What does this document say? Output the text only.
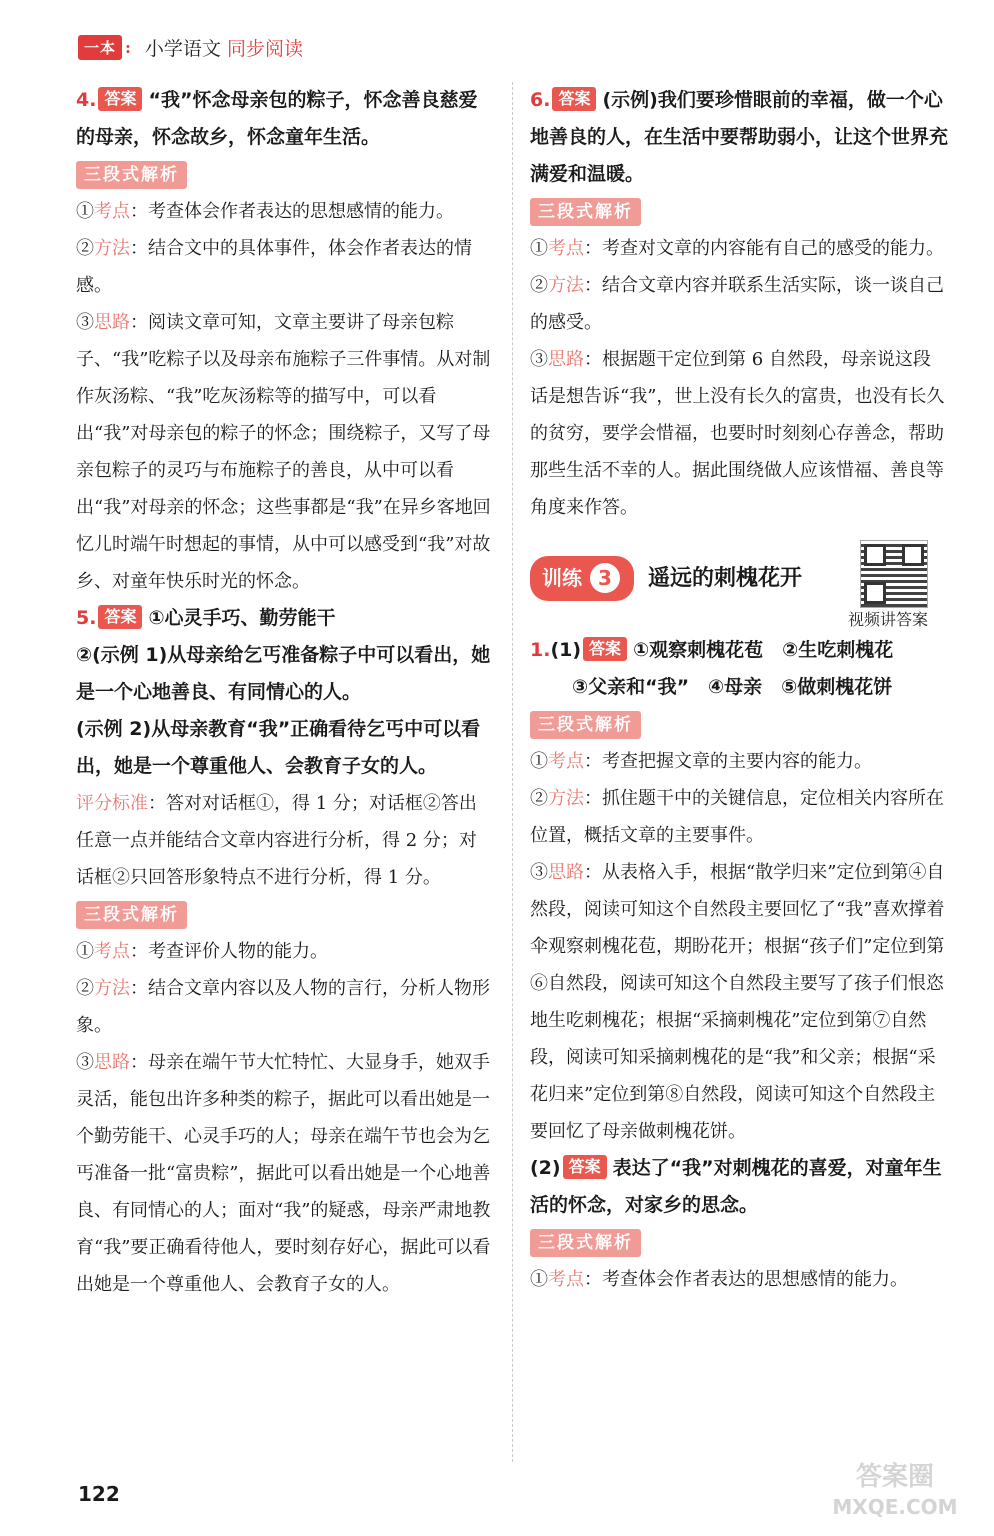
一本 : 小学语文 同步阅读

4. 答案 “我”怀念母亲包的粽子，怀念善良慈爱的母亲，怀念故乡，怀念童年生活。

三段式解析

①考点：考查体会作者表达的思想感情的能力。

②方法：结合文中的具体事件，体会作者表达的情感。

③思路：阅读文章可知，文章主要讲了母亲包粽子、“我”吃粽子以及母亲布施粽子三件事情。从对制作灰汤粽、“我”吃灰汤粽等的描写中，可以看出“我”对母亲包的粽子的怀念；围绕粽子，又写了母亲包粽子的灵巧与布施粽子的善良，从中可以看出“我”对母亲的怀念；这些事都是“我”在异乡客地回忆儿时端午时想起的事情，从中可以感受到“我”对故乡、对童年快乐时光的怀念。

5. 答案 ①心灵手巧、勤劳能干

②(示例 1)从母亲给乞丐准备粽子中可以看出，她是一个心地善良、有同情心的人。

(示例 2)从母亲教育“我”正确看待乞丐中可以看出，她是一个尊重他人、会教育子女的人。

评分标准：答对对话框①，得 1 分；对话框②答出任意一点并能结合文章内容进行分析，得 2 分；对话框②只回答形象特点不进行分析，得 1 分。

三段式解析

①考点：考查评价人物的能力。

②方法：结合文章内容以及人物的言行，分析人物形象。

③思路：母亲在端午节大忙特忙、大显身手，她双手灵活，能包出许多种类的粽子，据此可以看出她是一个勤劳能干、心灵手巧的人；母亲在端午节也会为乞丐准备一批“富贵粽”，据此可以看出她是一个心地善良、有同情心的人；面对“我”的疑惑，母亲严肃地教育“我”要正确看待他人，要时刻存好心，据此可以看出她是一个尊重他人、会教育子女的人。

6. 答案 (示例)我们要珍惜眼前的幸福，做一个心地善良的人，在生活中要帮助弱小，让这个世界充满爱和温暖。

三段式解析

①考点：考查对文章的内容能有自己的感受的能力。

②方法：结合文章内容并联系生活实际，谈一谈自己的感受。

③思路：根据题干定位到第 6 自然段，母亲说这段话是想告诉“我”，世上没有长久的富贵，也没有长久的贫穷，要学会惜福，也要时时刻刻心存善念，帮助那些生活不幸的人。据此围绕做人应该惜福、善良等角度来作答。

训练 3	遥远的刺槐花开
视频讲答案

1.(1) 答案 ①观察刺槐花苞　②生吃刺槐花

③父亲和“我”　④母亲　⑤做刺槐花饼

三段式解析

①考点：考查把握文章的主要内容的能力。

②方法：抓住题干中的关键信息，定位相关内容所在位置，概括文章的主要事件。

③思路：从表格入手，根据“散学归来”定位到第④自然段，阅读可知这个自然段主要回忆了“我”喜欢撑着伞观察刺槐花苞，期盼花开；根据“孩子们”定位到第⑥自然段，阅读可知这个自然段主要写了孩子们恨恣地生吃刺槐花；根据“采摘刺槐花”定位到第⑦自然段，阅读可知采摘刺槐花的是“我”和父亲；根据“采花归来”定位到第⑧自然段，阅读可知这个自然段主要回忆了母亲做刺槐花饼。

(2) 答案 表达了“我”对刺槐花的喜爱，对童年生活的怀念，对家乡的思念。

三段式解析

①考点：考查体会作者表达的思想感情的能力。

122
答案圈
MXQE.COM
